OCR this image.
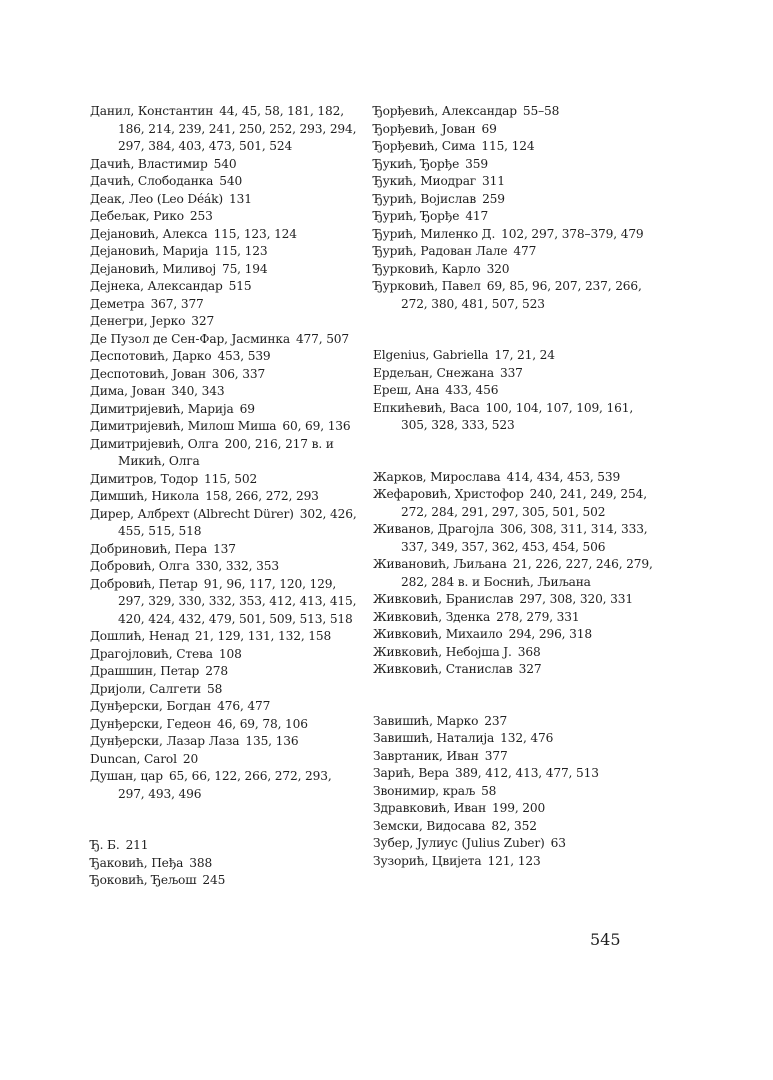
Данил, Константин 44, 45, 58, 181, 182, 186, 214, 239, 241, 250, 252, 293, 294, 297, 384, 403, 473, 501, 524
Дачић, Властимир 540
Дачић, Слободанка 540
Деак, Лео (Leo Déák) 131
Дебељак, Рико 253
Дејановић, Алекса 115, 123, 124
Дејановић, Марија 115, 123
Дејановић, Миливој 75, 194
Дејнека, Александар 515
Деметра 367, 377
Денегри, Јерко 327
Де Пузол де Сен-Фар, Јасминка 477, 507
Деспотовић, Дарко 453, 539
Деспотовић, Јован 306, 337
Дима, Јован 340, 343
Димитријевић, Марија 69
Димитријевић, Милош Миша 60, 69, 136
Димитријевић, Олга 200, 216, 217 в. и Микић, Олга
Димитров, Тодор 115, 502
Димшић, Никола 158, 266, 272, 293
Дирер, Албрехт (Albrecht Dürer) 302, 426, 455, 515, 518
Добриновић, Пера 137
Добровић, Олга 330, 332, 353
Добровић, Петар 91, 96, 117, 120, 129, 297, 329, 330, 332, 353, 412, 413, 415, 420, 424, 432, 479, 501, 509, 513, 518
Дошлић, Ненад 21, 129, 131, 132, 158
Драгојловић, Стева 108
Драшшин, Петар 278
Дријоли, Салгети 58
Дунђерски, Богдан 476, 477
Дунђерски, Гедеон 46, 69, 78, 106
Дунђерски, Лазар Лаза 135, 136
Duncan, Carol 20
Душан, цар 65, 66, 122, 266, 272, 293, 297, 493, 496
Ђ. Б. 211
Ђаковић, Пеђа 388
Ђоковић, Ђељош 245
Ђорђевић, Александар 55–58
Ђорђевић, Јован 69
Ђорђевић, Сима 115, 124
Ђукић, Ђорђе 359
Ђукић, Миодраг 311
Ђурић, Војислав 259
Ђурић, Ђорђе 417
Ђурић, Миленко Д. 102, 297, 378–379, 479
Ђурић, Радован Лале 477
Ђурковић, Карло 320
Ђурковић, Павел 69, 85, 96, 207, 237, 266, 272, 380, 481, 507, 523
Elgenius, Gabriella 17, 21, 24
Ердељан, Снежана 337
Ереш, Ана 433, 456
Епкићевић, Васа 100, 104, 107, 109, 161, 305, 328, 333, 523
Жарков, Мирослава 414, 434, 453, 539
Жефаровић, Христофор 240, 241, 249, 254, 272, 284, 291, 297, 305, 501, 502
Живанов, Драгојла 306, 308, 311, 314, 333, 337, 349, 357, 362, 453, 454, 506
Живановић, Љиљана 21, 226, 227, 246, 279, 282, 284 в. и Боснић, Љиљана
Живковић, Бранислав 297, 308, 320, 331
Живковић, Зденка 278, 279, 331
Живковић, Михаило 294, 296, 318
Живковић, Небојша Ј. 368
Живковић, Станислав 327
Завишић, Марко 237
Завишић, Наталија 132, 476
Завртаник, Иван 377
Зарић, Вера 389, 412, 413, 477, 513
Звонимир, краљ 58
Здравковић, Иван 199, 200
Земски, Видосава 82, 352
Зубер, Јулиус (Julius Zuber) 63
Зузорић, Цвијета 121, 123
545
